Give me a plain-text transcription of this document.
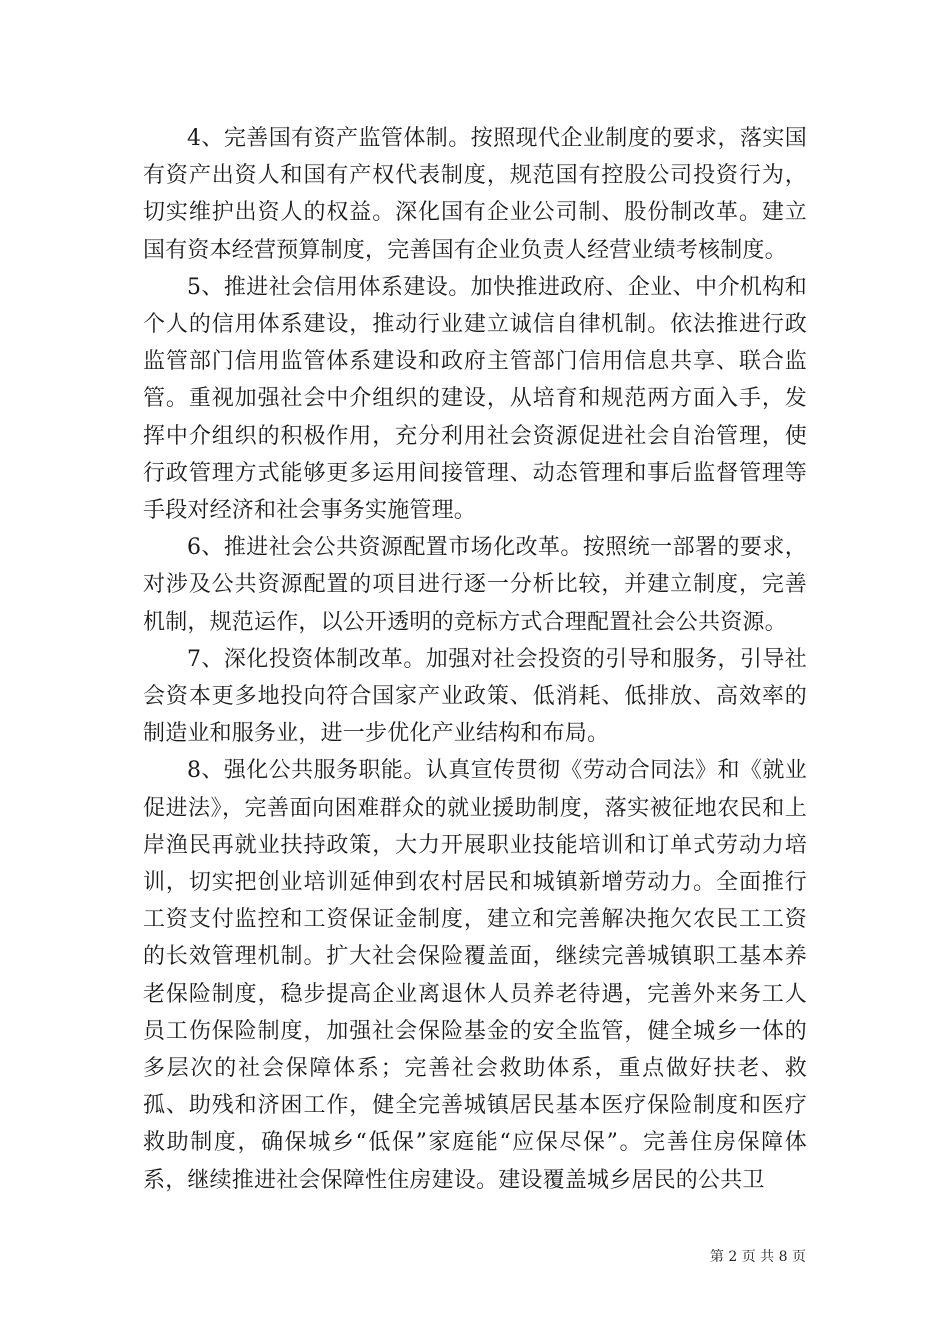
4、完善国有资产监管体制。按照现代企业制度的要求，落实国有资产出资人和国有产权代表制度，规范国有控股公司投资行为，切实维护出资人的权益。深化国有企业公司制、股份制改革。建立国有资本经营预算制度，完善国有企业负责人经营业绩考核制度。

5、推进社会信用体系建设。加快推进政府、企业、中介机构和个人的信用体系建设，推动行业建立诚信自律机制。依法推进行政监管部门信用监管体系建设和政府主管部门信用信息共享、联合监管。重视加强社会中介组织的建设，从培育和规范两方面入手，发挥中介组织的积极作用，充分利用社会资源促进社会自治管理，使行政管理方式能够更多运用间接管理、动态管理和事后监督管理等手段对经济和社会事务实施管理。

6、推进社会公共资源配置市场化改革。按照统一部署的要求，对涉及公共资源配置的项目进行逐一分析比较，并建立制度，完善机制，规范运作，以公开透明的竞标方式合理配置社会公共资源。

7、深化投资体制改革。加强对社会投资的引导和服务，引导社会资本更多地投向符合国家产业政策、低消耗、低排放、高效率的制造业和服务业，进一步优化产业结构和布局。

8、强化公共服务职能。认真宣传贯彻《劳动合同法》和《就业促进法》，完善面向困难群众的就业援助制度，落实被征地农民和上岸渔民再就业扶持政策，大力开展职业技能培训和订单式劳动力培训，切实把创业培训延伸到农村居民和城镇新增劳动力。全面推行工资支付监控和工资保证金制度，建立和完善解决拖欠农民工工资的长效管理机制。扩大社会保险覆盖面，继续完善城镇职工基本养老保险制度，稳步提高企业离退休人员养老待遇，完善外来务工人员工伤保险制度，加强社会保险基金的安全监管，健全城乡一体的多层次的社会保障体系；完善社会救助体系，重点做好扶老、救孤、助残和济困工作，健全完善城镇居民基本医疗保险制度和医疗救助制度，确保城乡“低保”家庭能“应保尽保”。完善住房保障体系，继续推进社会保障性住房建设。建设覆盖城乡居民的公共卫

第 2 页 共 8 页
